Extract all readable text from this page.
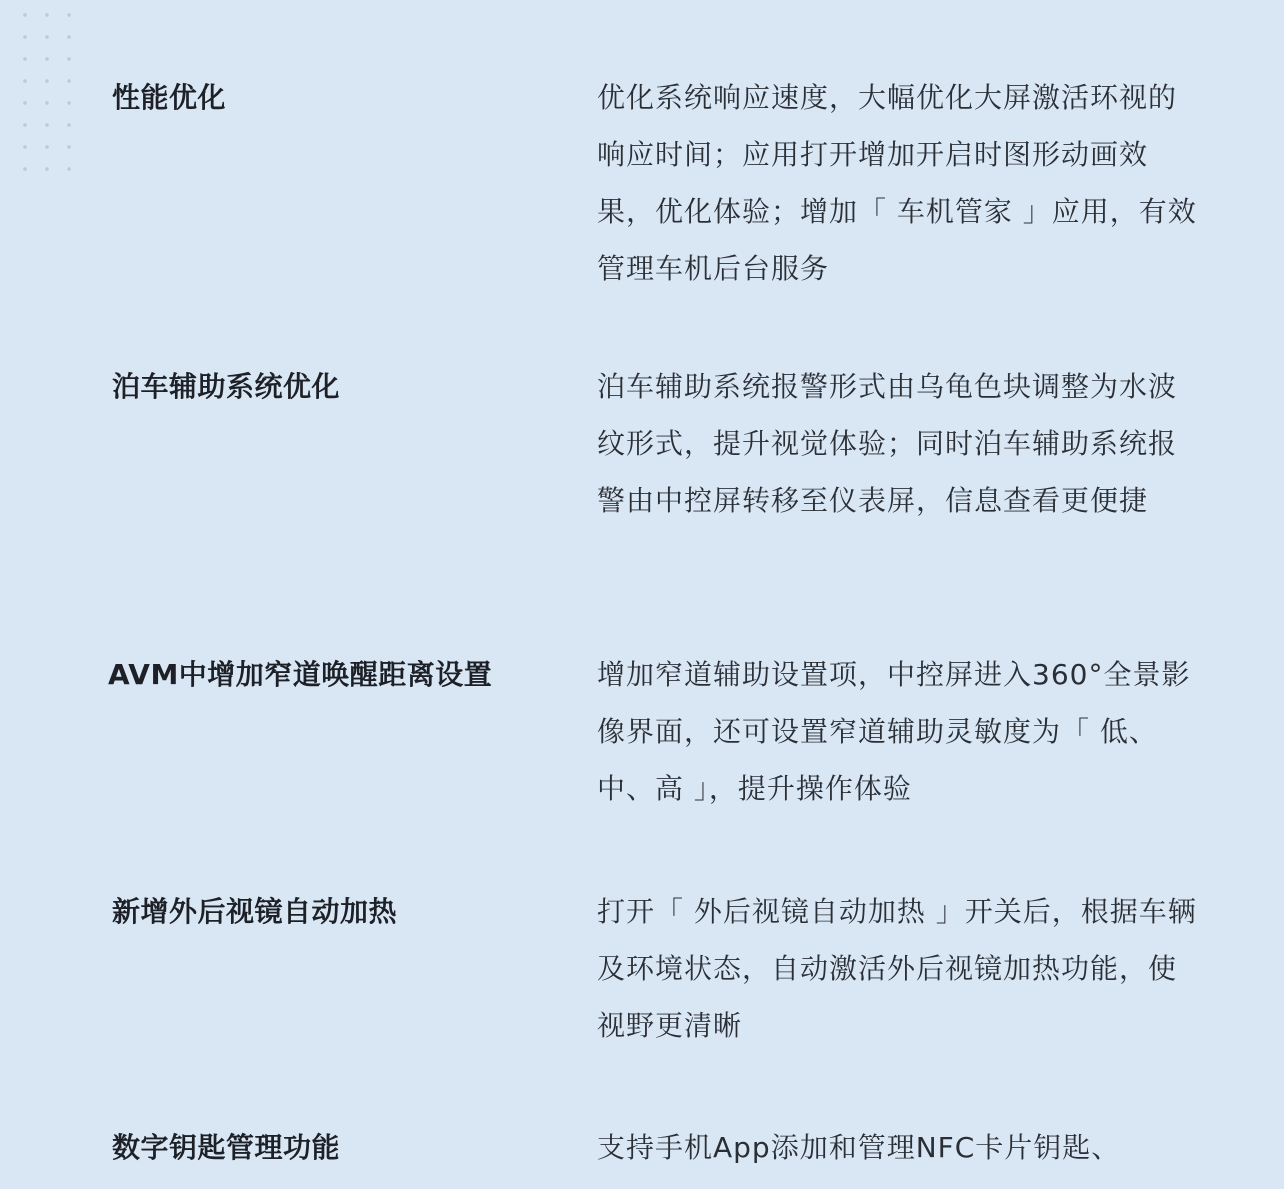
性能优化	优化系统响应速度，大幅优化大屏激活环视的响应时间；应用打开增加开启时图形动画效果，优化体验；增加「 车机管家 」应用，有效管理车机后台服务

泊车辅助系统优化	泊车辅助系统报警形式由乌龟色块调整为水波纹形式，提升视觉体验；同时泊车辅助系统报警由中控屏转移至仪表屏，信息查看更便捷

AVM中增加窄道唤醒距离设置	增加窄道辅助设置项，中控屏进入360°全景影像界面，还可设置窄道辅助灵敏度为「 低、中、高 」，提升操作体验

新增外后视镜自动加热	打开「 外后视镜自动加热 」开关后，根据车辆及环境状态，自动激活外后视镜加热功能，使视野更清晰

数字钥匙管理功能	支持手机App添加和管理NFC卡片钥匙、
